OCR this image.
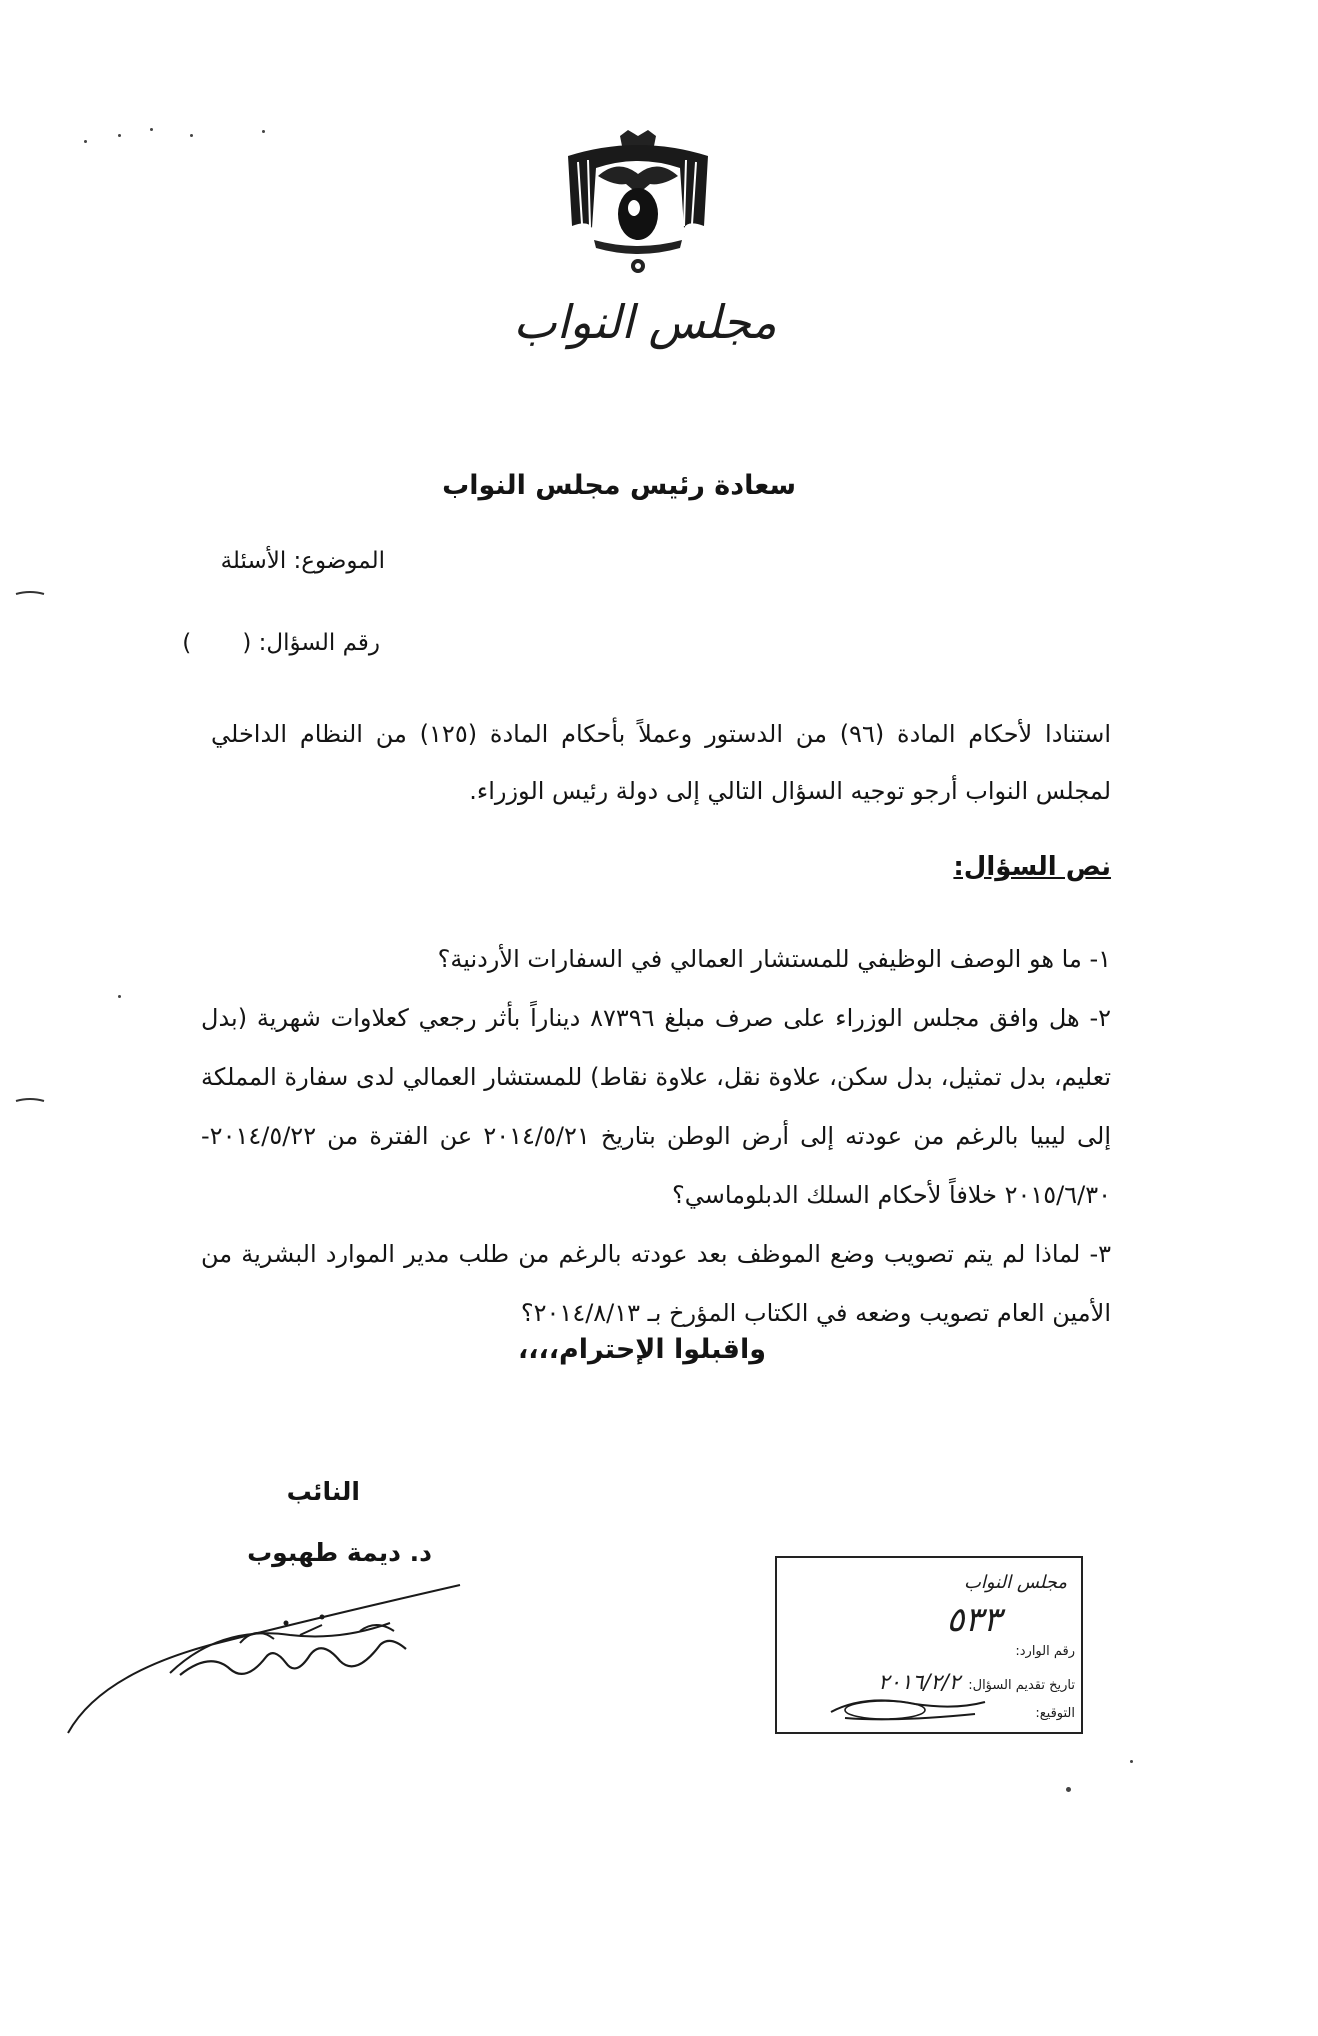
مجلس النواب
سعادة رئيس مجلس النواب
الموضوع: الأسئلة
رقم السؤال: (       )
استنادا لأحكام المادة (٩٦) من الدستور وعملاً بأحكام المادة (١٢٥) من النظام الداخلي لمجلس النواب أرجو توجيه السؤال التالي إلى دولة رئيس الوزراء.
نص السؤال:
١- ما هو الوصف الوظيفي للمستشار العمالي في السفارات الأردنية؟
٢- هل وافق مجلس الوزراء على صرف مبلغ ٨٧٣٩٦ ديناراً بأثر رجعي كعلاوات شهرية (بدل تعليم، بدل تمثيل، بدل سكن، علاوة نقل، علاوة نقاط) للمستشار العمالي لدى سفارة المملكة إلى ليبيا بالرغم من عودته إلى أرض الوطن بتاريخ ٢٠١٤/٥/٢١ عن الفترة من ٢٠١٤/٥/٢٢- ٢٠١٥/٦/٣٠ خلافاً لأحكام السلك الدبلوماسي؟
٣- لماذا لم يتم تصويب وضع الموظف بعد عودته بالرغم من طلب مدير الموارد البشرية من الأمين العام تصويب وضعه في الكتاب المؤرخ بـ ٢٠١٤/٨/١٣؟
واقبلوا الإحترام،،،،
النائب
د. ديمة طهبوب
مجلس النواب
٥٣٣
رقم الوارد:
تاريخ تقديم السؤال: ٢٠١٦/٢/٢
التوقيع:
